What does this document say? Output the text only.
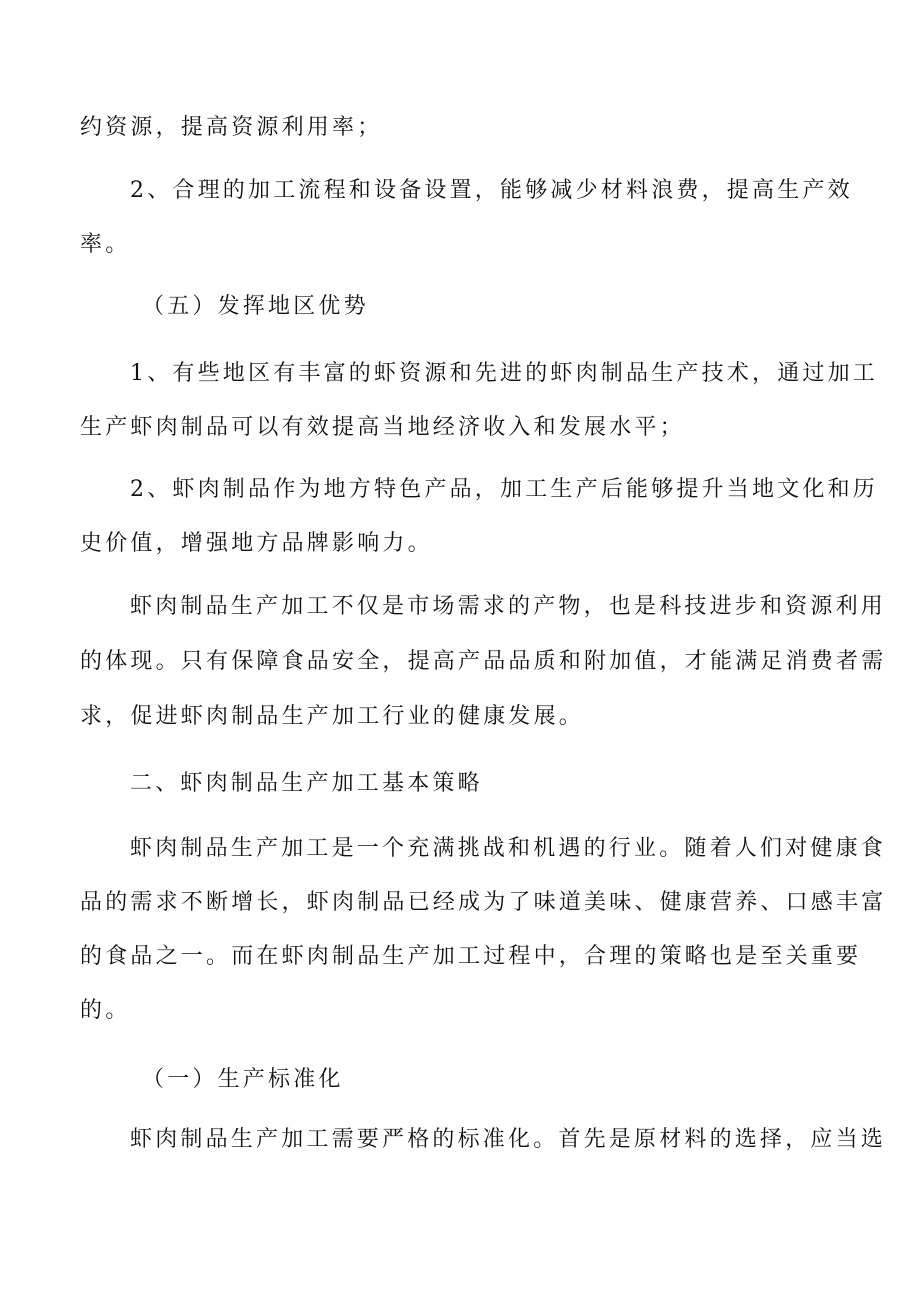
约资源，提高资源利用率；
2、合理的加工流程和设备设置，能够减少材料浪费，提高生产效
率。
（五）发挥地区优势
1、有些地区有丰富的虾资源和先进的虾肉制品生产技术，通过加工
生产虾肉制品可以有效提高当地经济收入和发展水平；
2、虾肉制品作为地方特色产品，加工生产后能够提升当地文化和历
史价值，增强地方品牌影响力。
虾肉制品生产加工不仅是市场需求的产物，也是科技进步和资源利用
的体现。只有保障食品安全，提高产品品质和附加值，才能满足消费者需
求，促进虾肉制品生产加工行业的健康发展。
二、虾肉制品生产加工基本策略
虾肉制品生产加工是一个充满挑战和机遇的行业。随着人们对健康食
品的需求不断增长，虾肉制品已经成为了味道美味、健康营养、口感丰富
的食品之一。而在虾肉制品生产加工过程中，合理的策略也是至关重要
的。
（一）生产标准化
虾肉制品生产加工需要严格的标准化。首先是原材料的选择，应当选
